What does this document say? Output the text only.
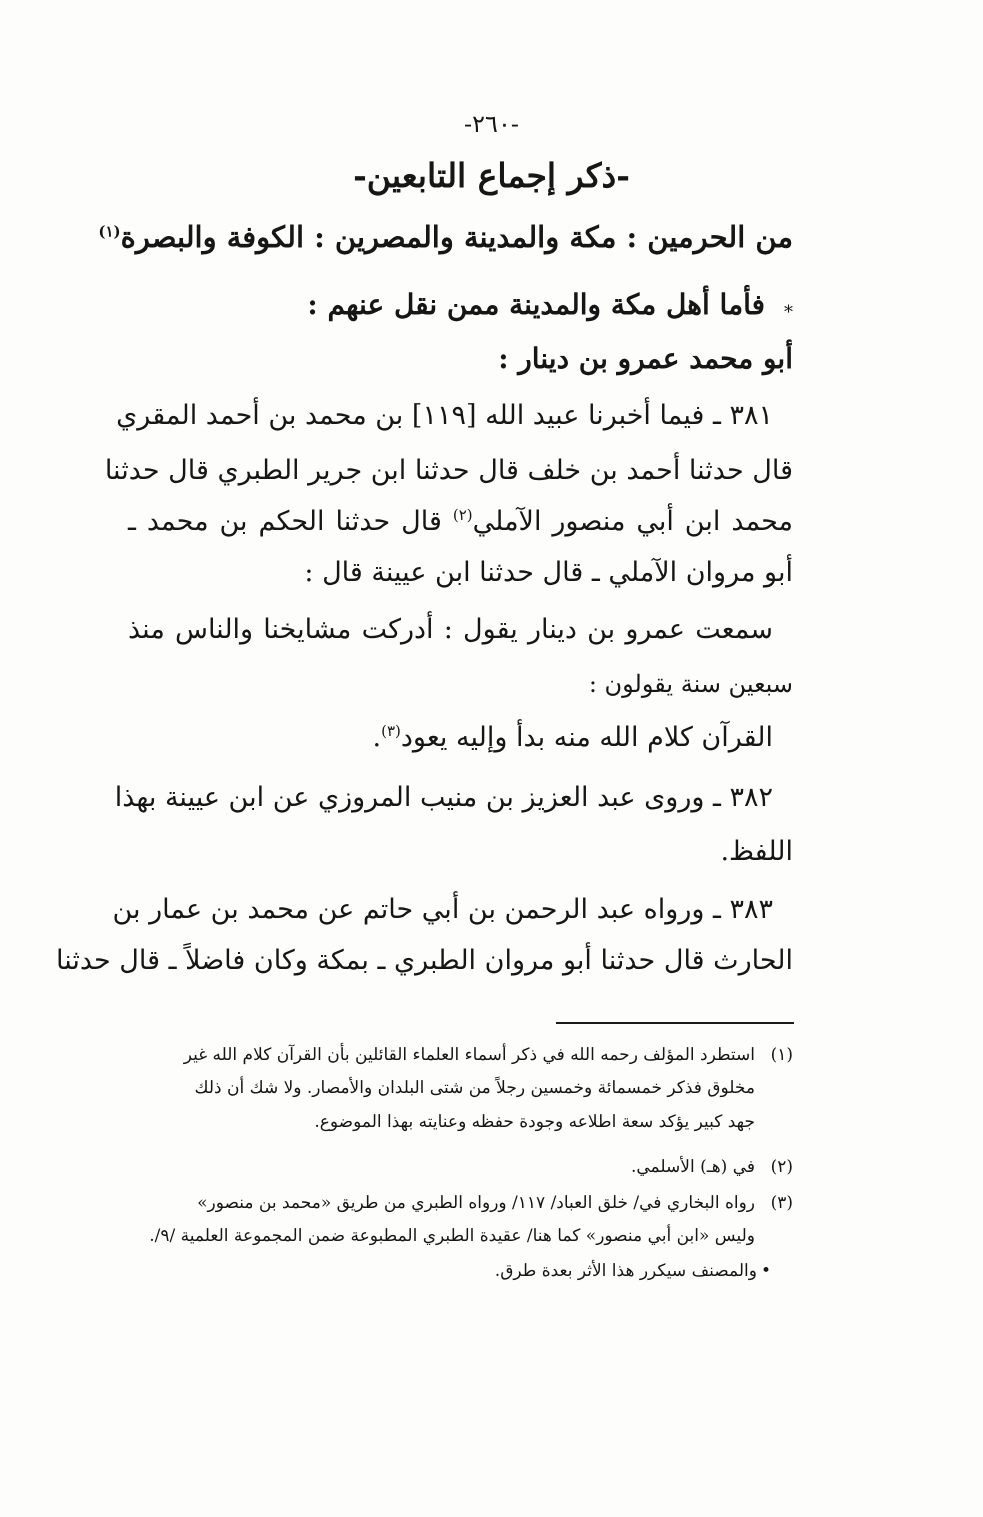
-٢٦٠-
-ذكر إجماع التابعين-
من الحرمين : مكة والمدينة والمصرين : الكوفة والبصرة$^{(١)}$
*
فأما أهل مكة والمدينة ممن نقل عنهم :
أبو محمد عمرو بن دينار :
٣٨١ ـ فيما أخبرنا عبيد الله [١١٩] بن محمد بن أحمد المقري
قال حدثنا أحمد بن خلف قال حدثنا ابن جرير الطبري قال حدثنا
محمد ابن أبي منصور الآملي$^{(٢)}$ قال حدثنا الحكم بن محمد ـ
أبو مروان الآملي ـ قال حدثنا ابن عيينة قال :
سمعت عمرو بن دينار يقول : أدركت مشايخنا والناس منذ
سبعين سنة يقولون :
القرآن كلام الله منه بدأ وإليه يعود$^{(٣)}$.
٣٨٢ ـ وروى عبد العزيز بن منيب المروزي عن ابن عيينة بهذا
اللفظ.
٣٨٣ ـ ورواه عبد الرحمن بن أبي حاتم عن محمد بن عمار بن
الحارث قال حدثنا أبو مروان الطبري ـ بمكة وكان فاضلاً ـ قال حدثنا
(١)استطرد المؤلف رحمه الله في ذكر أسماء العلماء القائلين بأن القرآن كلام الله غير
مخلوق فذكر خمسمائة وخمسين رجلاً من شتى البلدان والأمصار. ولا شك أن ذلك
جهد كبير يؤكد سعة اطلاعه وجودة حفظه وعنايته بهذا الموضوع.
(٢)في (هـ) الأسلمي.
(٣)رواه البخاري في/ خلق العباد/ ١١٧/ ورواه الطبري من طريق «محمد بن منصور»
وليس «ابن أبي منصور» كما هنا/ عقيدة الطبري المطبوعة ضمن المجموعة العلمية /٩/.
•والمصنف سيكرر هذا الأثر بعدة طرق.
